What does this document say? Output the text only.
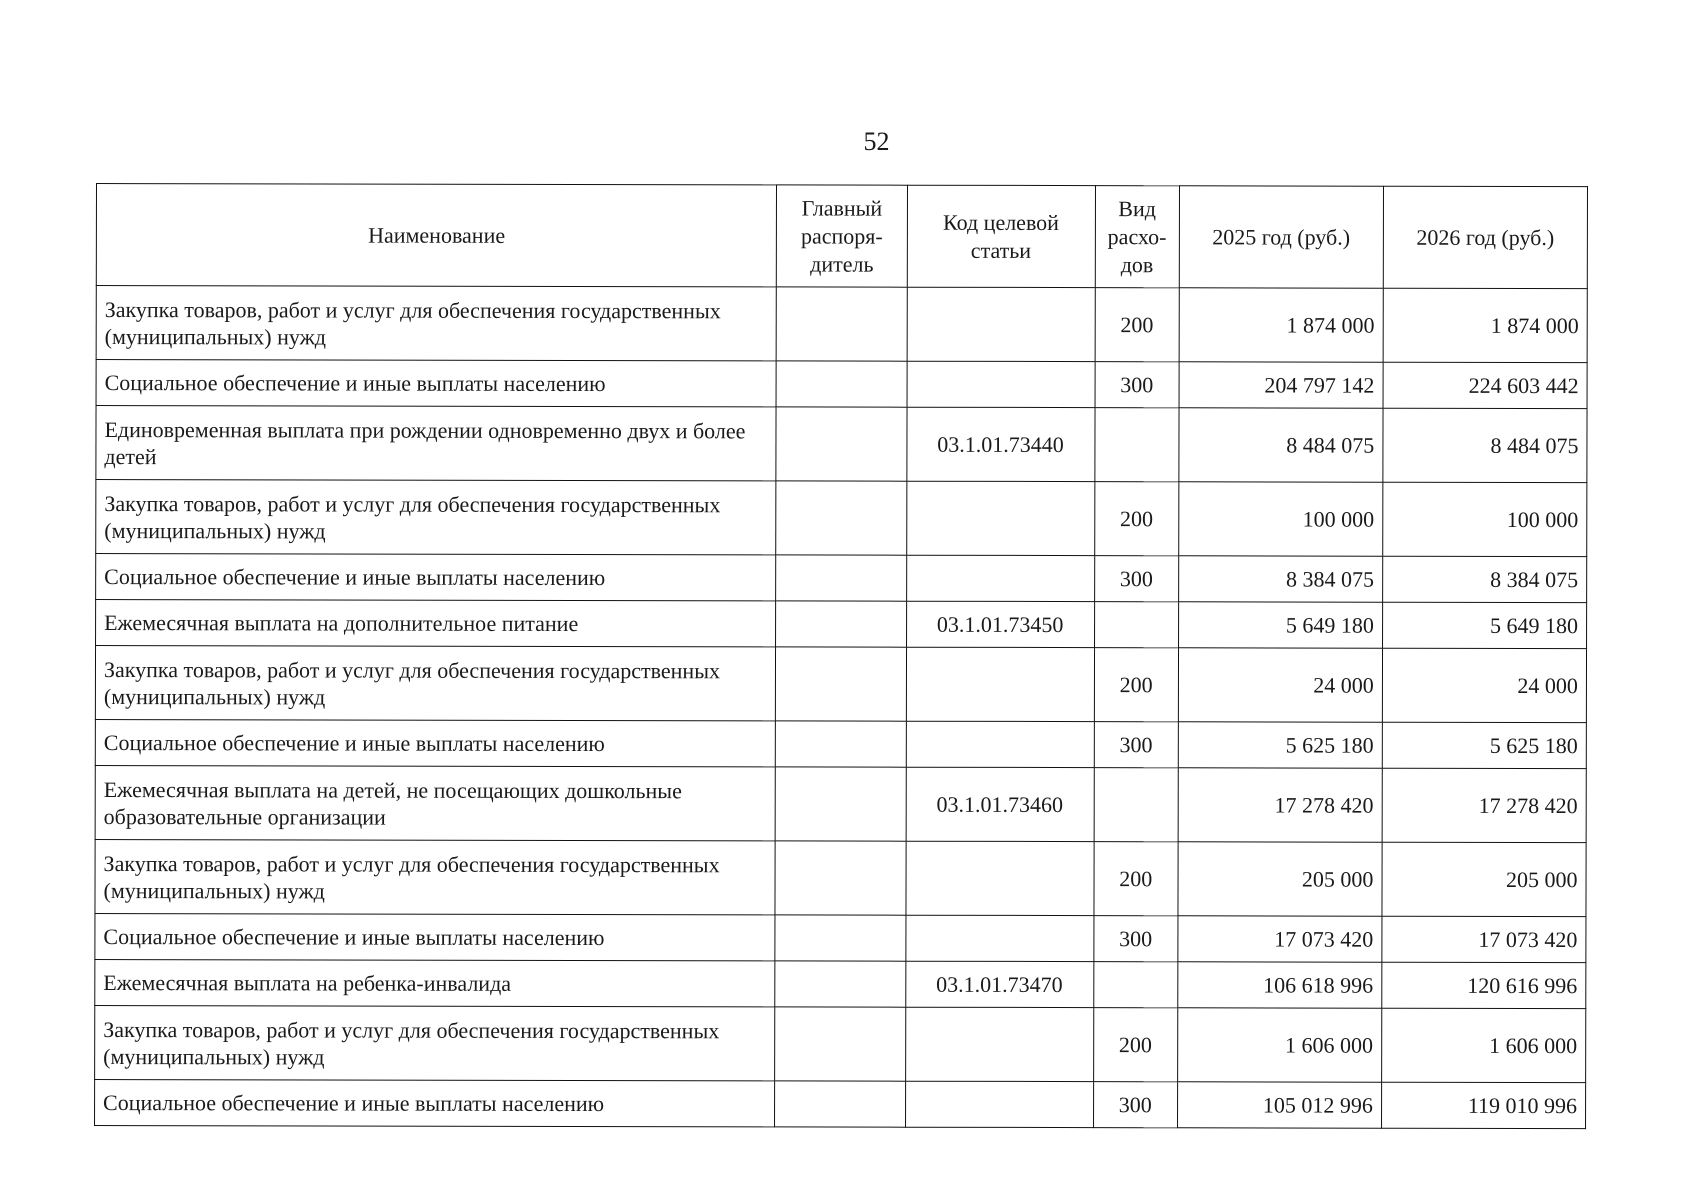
52
Наименование	Главный распоря-дитель	Код целевой статьи	Вид расхо-дов	2025 год (руб.)	2026 год (руб.)
Закупка товаров, работ и услуг для обеспечения государственных (муниципальных) нужд			200	1 874 000	1 874 000
Социальное обеспечение и иные выплаты населению			300	204 797 142	224 603 442
Единовременная выплата при рождении одновременно двух и более детей		03.1.01.73440		8 484 075	8 484 075
Закупка товаров, работ и услуг для обеспечения государственных (муниципальных) нужд			200	100 000	100 000
Социальное обеспечение и иные выплаты населению			300	8 384 075	8 384 075
Ежемесячная выплата на дополнительное питание		03.1.01.73450		5 649 180	5 649 180
Закупка товаров, работ и услуг для обеспечения государственных (муниципальных) нужд			200	24 000	24 000
Социальное обеспечение и иные выплаты населению			300	5 625 180	5 625 180
Ежемесячная выплата на детей, не посещающих дошкольные образовательные организации		03.1.01.73460		17 278 420	17 278 420
Закупка товаров, работ и услуг для обеспечения государственных (муниципальных) нужд			200	205 000	205 000
Социальное обеспечение и иные выплаты населению			300	17 073 420	17 073 420
Ежемесячная выплата на ребенка-инвалида		03.1.01.73470		106 618 996	120 616 996
Закупка товаров, работ и услуг для обеспечения государственных (муниципальных) нужд			200	1 606 000	1 606 000
Социальное обеспечение и иные выплаты населению			300	105 012 996	119 010 996
